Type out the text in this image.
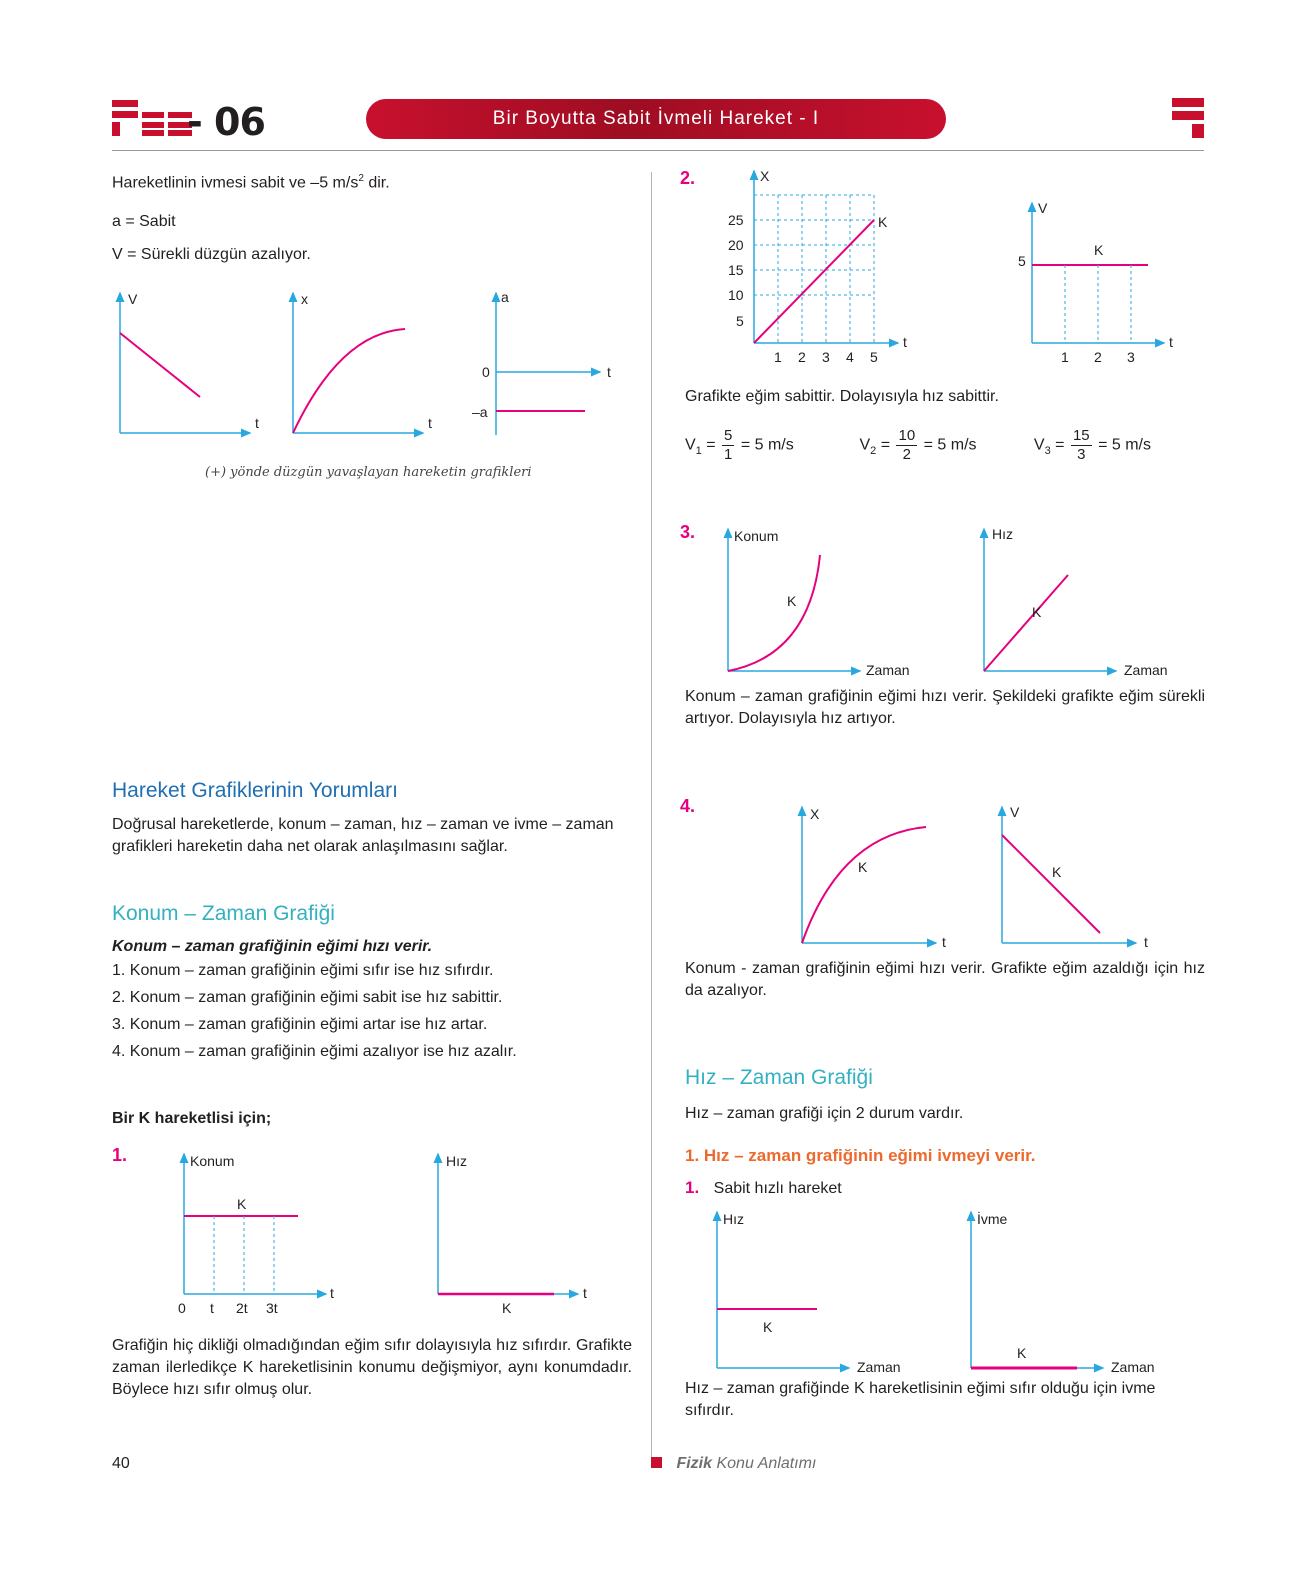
- 06	Bir Boyutta Sabit İvmeli Hareket - I
Hareketlinin ivmesi sabit ve –5 $m/s^2$ dir.
a = Sabit
V = Sürekli düzgün azalıyor.
V
t
x
t
a
0
–a
t
(+) yönde düzgün yavaşlayan hareketin grafikleri
Hareket Grafiklerinin Yorumları
Doğrusal hareketlerde, konum – zaman, hız – zaman ve ivme – zaman grafikleri hareketin daha net olarak anlaşılmasını sağlar.
Konum – Zaman Grafiği
Konum – zaman grafiğinin eğimi hızı verir.
1. Konum – zaman grafiğinin eğimi sıfır ise hız sıfırdır.
2. Konum – zaman grafiğinin eğimi sabit ise hız sabittir.
3. Konum – zaman grafiğinin eğimi artar ise hız artar.
4. Konum – zaman grafiğinin eğimi azalıyor ise hız azalır.
Bir K hareketlisi için;
1.	Konum
K
t
0 t 2t 3t
Hız
K
t
Grafiğin hiç dikliği olmadığından eğim sıfır dolayısıyla hız sıfırdır. Grafikte zaman ilerledikçe K hareketlisinin konumu değişmiyor, aynı konumdadır. Böylece hızı sıfır olmuş olur.
2.	X
K
t
25
20
15
10
5
1 2 3 4 5
V
K
5
t
1 2 3
Grafikte eğim sabittir. Dolayısıyla hız sabittir.
$V_1 = \frac{5}{1} = 5$ m/s	$V_2 = \frac{10}{2} = 5$ m/s	$V_3 = \frac{15}{3} = 5$ m/s
3.	Konum
K
Zaman
Hız
K
Zaman
Konum – zaman grafiğinin eğimi hızı verir. Şekildeki grafikte eğim sürekli artıyor. Dolayısıyla hız artıyor.
4.	X
K
t
V
K
t
Konum - zaman grafiğinin eğimi hızı verir. Grafikte eğim azaldığı için hız da azalıyor.
Hız – Zaman Grafiği
Hız – zaman grafiği için 2 durum vardır.
1. Hız – zaman grafiğinin eğimi ivmeyi verir.
1. Sabit hızlı hareket
Hız
K
Zaman
İvme
K
Zaman
Hız – zaman grafiğinde K hareketlisinin eğimi sıfır olduğu için ivme sıfırdır.
40	Fizik Konu Anlatımı
